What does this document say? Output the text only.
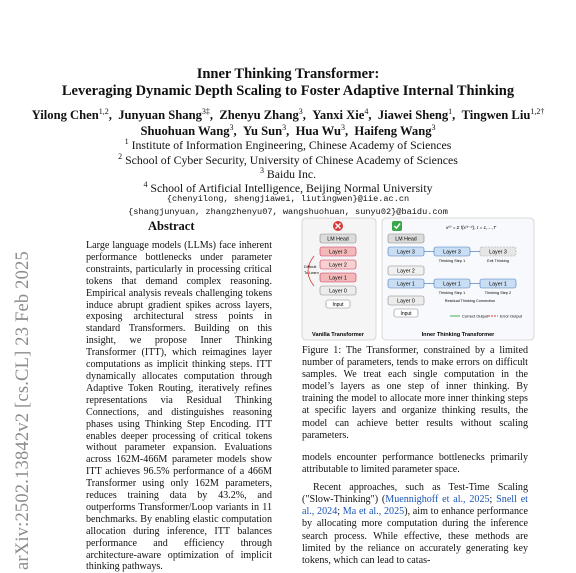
arXiv:2502.13842v2 [cs.CL] 23 Feb 2025
Inner Thinking Transformer:
Leveraging Dynamic Depth Scaling to Foster Adaptive Internal Thinking
Yilong Chen$^{1,2}$,  Junyuan Shang$^{3\ddagger}$,  Zhenyu Zhang$^3$,  Yanxi Xie$^4$,  Jiawei Sheng$^1$,  Tingwen Liu$^{1,2\dagger}$
Shuohuan Wang$^3$,  Yu Sun$^3$,  Hua Wu$^3$,  Haifeng Wang$^3$
$^1$ Institute of Information Engineering, Chinese Academy of Sciences
$^2$ School of Cyber Security, University of Chinese Academy of Sciences
$^3$ Baidu Inc.
$^4$ School of Artificial Intelligence, Beijing Normal University
{chenyilong, shengjiawei, liutingwen}@iie.ac.cn
{shangjunyuan, zhangzhenyu07, wangshuohuan, sunyu02}@baidu.com
Abstract
Large language models (LLMs) face inherent performance bottlenecks under parameter constraints, particularly in processing critical tokens that demand complex reasoning. Empirical analysis reveals challenging tokens induce abrupt gradient spikes across layers, exposing architectural stress points in standard Transformers. Building on this insight, we propose Inner Thinking Transformer (ITT), which reimagines layer computations as implicit thinking steps. ITT dynamically allocates computation through Adaptive Token Routing, iteratively refines representations via Residual Thinking Connections, and distinguishes reasoning phases using Thinking Step Encoding. ITT enables deeper processing of critical tokens without parameter expansion. Evaluations across 162M-466M parameter models show ITT achieves 96.5% performance of a 466M Transformer using only 162M parameters, reduces training data by 43.2%, and outperforms Transformer/Loop variants in 11 benchmarks. By enabling elastic computation allocation during inference, ITT balances performance and efficiency through architecture-aware optimization of implicit thinking pathways.
LM Head
Layer 3
Layer 2
Layer 1
Layer 0
Input
Difficult
To Learn
Vanilla Transformer
x⁽ᵗ⁾ = Σ f(x⁽ᵗ⁻¹⁾), t = 1,…,T
LM Head
Layer 3	Layer 3	Layer 3
Thinking Step 1	Exit Thinking
Layer 2
Layer 1	Layer 1	Layer 1
Thinking Step 1	Thinking Step 2
Layer 0	Residual Thinking Connection
Input	Correct Output	Error Output
Inner Thinking Transformer
Figure 1: The Transformer, constrained by a limited number of parameters, tends to make errors on difficult samples. We treat each single computation in the model’s layers as one step of inner thinking. By training the model to allocate more inner thinking steps at specific layers and organize thinking results, the model can achieve better results without scaling parameters.

models encounter performance bottlenecks primarily attributable to limited parameter space.

Recent approaches, such as Test-Time Scaling ("Slow-Thinking") (Muennighoff et al., 2025; Snell et al., 2024; Ma et al., 2025), aim to enhance performance by allocating more computation during the inference search process. While effective, these methods are limited by the reliance on accurately generating key tokens, which can lead to catas-
